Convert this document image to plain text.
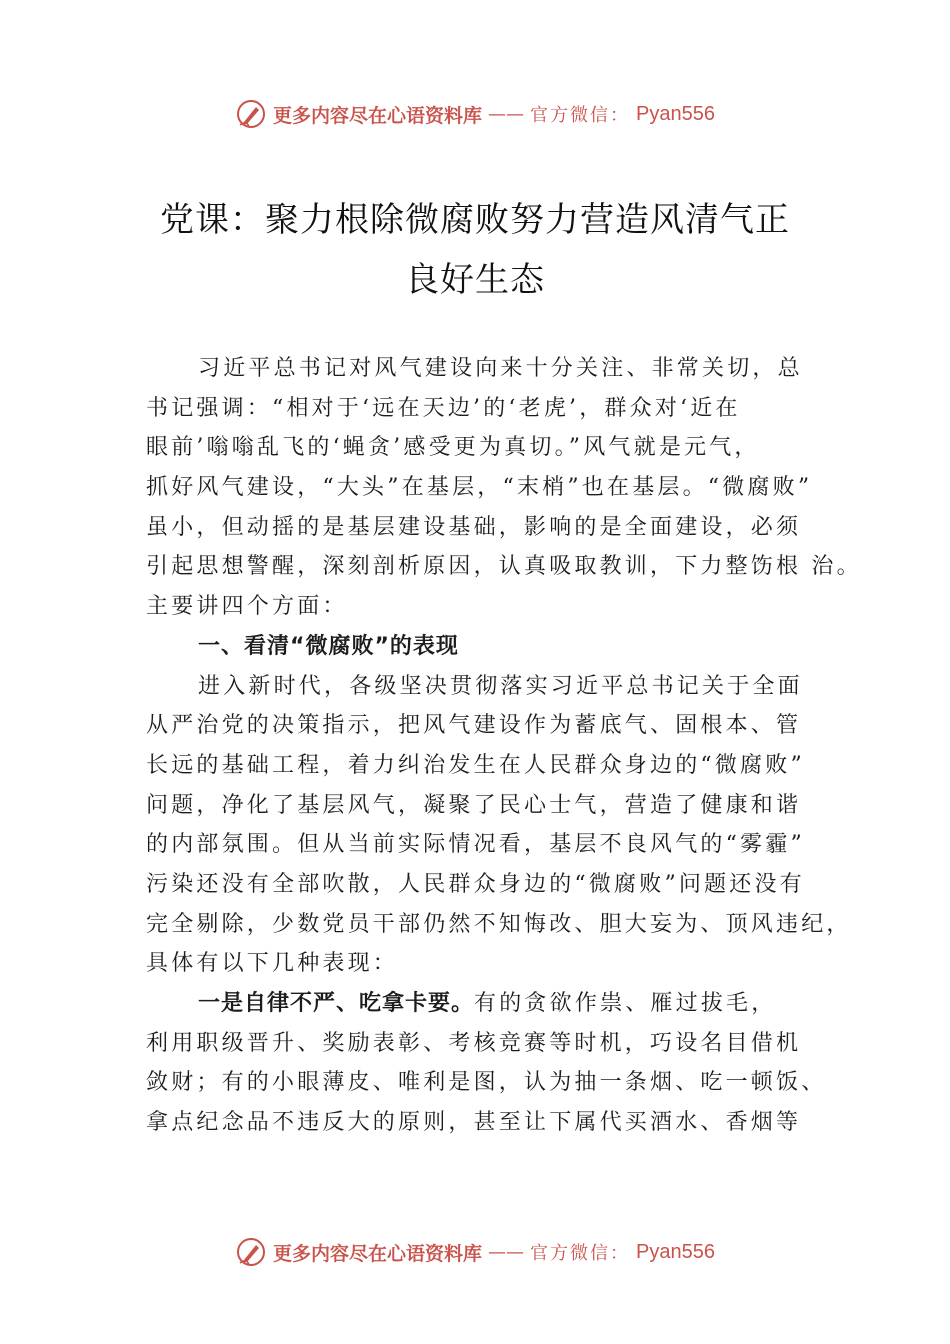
更多内容尽在心语资料库 —— 官方微信： Pyan556
党课：聚力根除微腐败努力营造风清气正
良好生态
习近平总书记对风气建设向来十分关注、非常关切，总
书记强调：“相对于‘远在天边’的‘老虎’，群众对‘近在
眼前’嗡嗡乱飞的‘蝇贪’感受更为真切。”风气就是元气，
抓好风气建设，“大头”在基层，“末梢”也在基层。“微腐败”
虽小，但动摇的是基层建设基础，影响的是全面建设，必须
引起思想警醒，深刻剖析原因，认真吸取教训，下力整饬根 治。
主要讲四个方面：
一、看清“微腐败”的表现
进入新时代，各级坚决贯彻落实习近平总书记关于全面
从严治党的决策指示，把风气建设作为蓄底气、固根本、管
长远的基础工程，着力纠治发生在人民群众身边的“微腐败”
问题，净化了基层风气，凝聚了民心士气，营造了健康和谐
的内部氛围。但从当前实际情况看，基层不良风气的“雾霾”
污染还没有全部吹散，人民群众身边的“微腐败”问题还没有
完全剔除，少数党员干部仍然不知悔改、胆大妄为、顶风违纪，
具体有以下几种表现：
一是自律不严、吃拿卡要。有的贪欲作祟、雁过拔毛，
利用职级晋升、奖励表彰、考核竞赛等时机，巧设名目借机
敛财；有的小眼薄皮、唯利是图，认为抽一条烟、吃一顿饭、
拿点纪念品不违反大的原则，甚至让下属代买酒水、香烟等
更多内容尽在心语资料库 —— 官方微信： Pyan556
